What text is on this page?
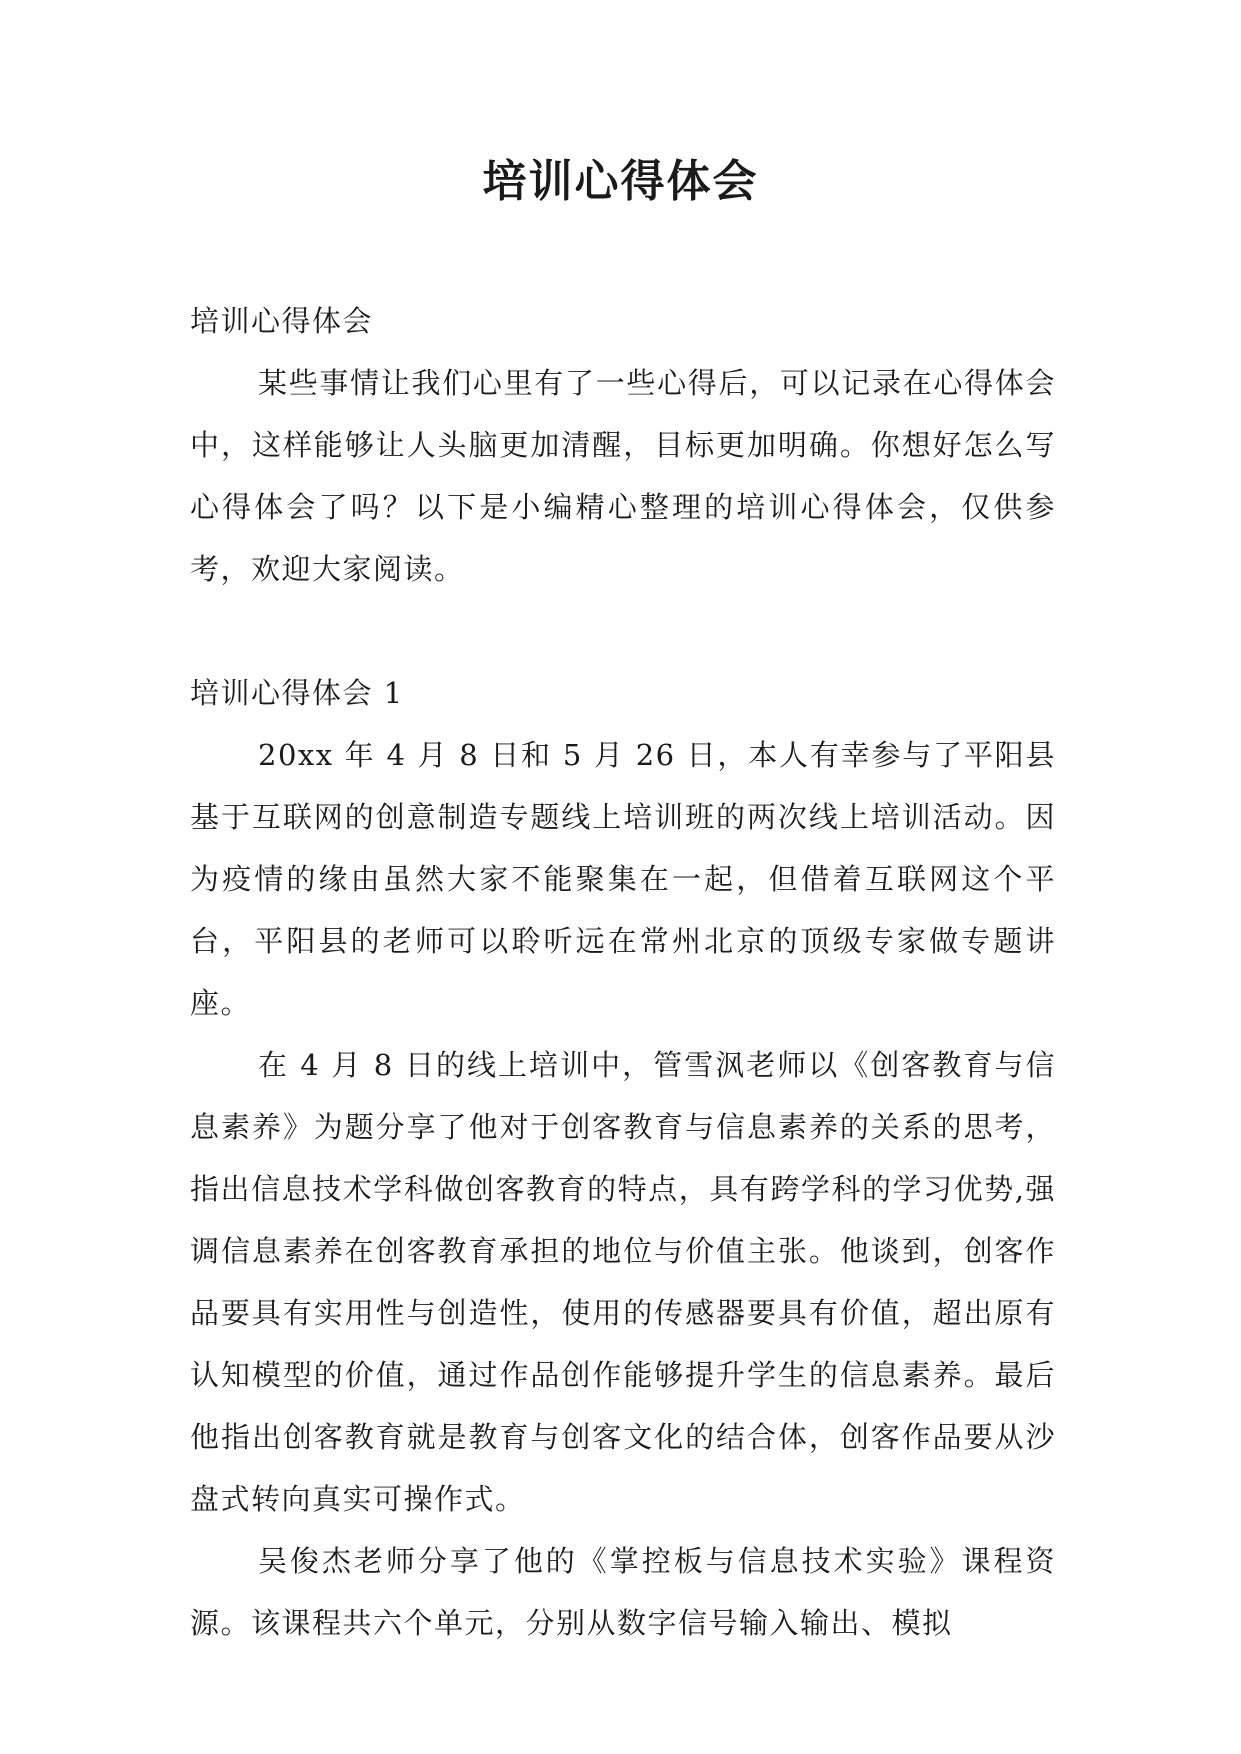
培训心得体会

培训心得体会

某些事情让我们心里有了一些心得后，可以记录在心得体会中，这样能够让人头脑更加清醒，目标更加明确。你想好怎么写心得体会了吗？以下是小编精心整理的培训心得体会，仅供参考，欢迎大家阅读。

培训心得体会 1

20xx 年 4 月 8 日和 5 月 26 日，本人有幸参与了平阳县基于互联网的创意制造专题线上培训班的两次线上培训活动。因为疫情的缘由虽然大家不能聚集在一起，但借着互联网这个平台，平阳县的老师可以聆听远在常州北京的顶级专家做专题讲座。

在 4 月 8 日的线上培训中，管雪沨老师以《创客教育与信息素养》为题分享了他对于创客教育与信息素养的关系的思考，指出信息技术学科做创客教育的特点，具有跨学科的学习优势,强调信息素养在创客教育承担的地位与价值主张。他谈到，创客作品要具有实用性与创造性，使用的传感器要具有价值，超出原有认知模型的价值，通过作品创作能够提升学生的信息素养。最后他指出创客教育就是教育与创客文化的结合体，创客作品要从沙盘式转向真实可操作式。

吴俊杰老师分享了他的《掌控板与信息技术实验》课程资源。该课程共六个单元，分别从数字信号输入输出、模拟
